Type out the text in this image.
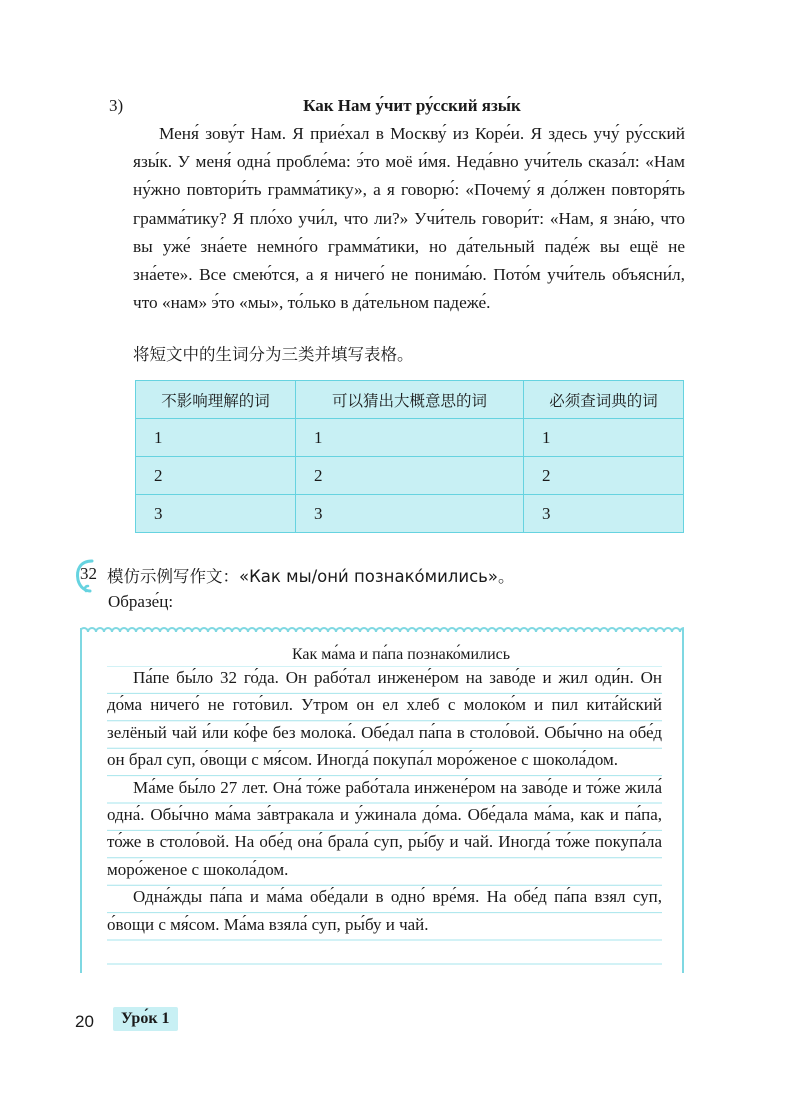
3)	Как Нам у́чит ру́сский язы́к

Меня́ зову́т Нам. Я прие́хал в Москву́ из Коре́и. Я здесь учу́ ру́сский язы́к. У меня́ одна́ пробле́ма: э́то моё и́мя. Неда́вно учи́тель сказа́л: «Нам ну́жно повтори́ть грамма́тику», а я говорю́: «Почему́ я до́лжен повторя́ть грамма́тику? Я пло́хо учи́л, что ли?» Учи́тель говори́т: «Нам, я зна́ю, что вы уже́ зна́ете немно́го грамма́тики, но да́тельный паде́ж вы ещё не зна́ете». Все смею́тся, а я ничего́ не понима́ю. Пото́м учи́тель объясни́л, что «нам» э́то «мы», то́лько в да́тельном падеже́.

将短文中的生词分为三类并填写表格。
不影响理解的词	可以猜出大概意思的词	必须查词典的词
1	1	1
2	2	2
3	3	3
32 模仿示例写作文：«Как мы/они́ познако́мились»。
Образе́ц:
Как ма́ма и па́па познако́мились

Па́пе бы́ло 32 го́да. Он рабо́тал инжене́ром на заво́де и жил оди́н. Он до́ма ничего́ не гото́вил. Утром он ел хлеб с молоко́м и пил кита́йский зелёный чай и́ли ко́фе без молока́. Обе́дал па́па в столо́вой. Обы́чно на обе́д он брал суп, о́вощи с мя́сом. Иногда́ покупа́л моро́женое с шокола́дом.

Ма́ме бы́ло 27 лет. Она́ то́же рабо́тала инжене́ром на заво́де и то́же жила́ одна́. Обы́чно ма́ма за́втракала и у́жинала до́ма. Обе́дала ма́ма, как и па́па, то́же в столо́вой. На обе́д она́ брала́ суп, ры́бу и чай. Иногда́ то́же покупа́ла моро́женое с шокола́дом.

Одна́жды па́па и ма́ма обе́дали в одно́ вре́мя. На обе́д па́па взял суп, о́вощи с мя́сом. Ма́ма взяла́ суп, ры́бу и чай.

20	Уро́к 1
